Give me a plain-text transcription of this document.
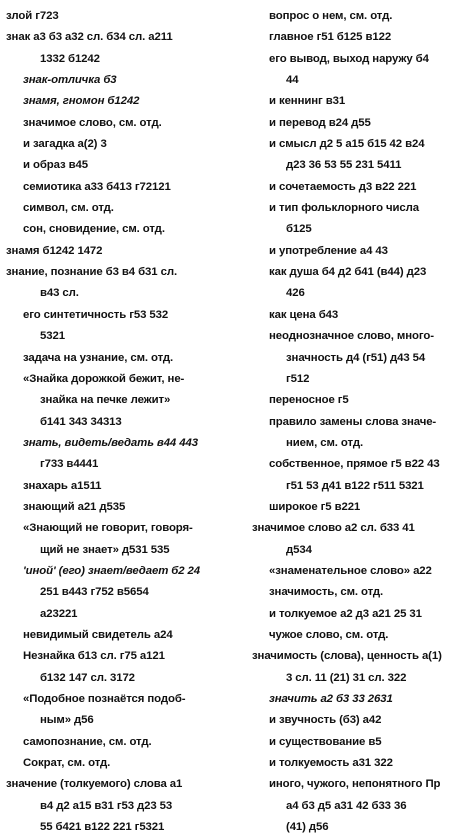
злой г723
знак а3 б3 а32 сл. б34 сл. а211
1332 б1242
знак-отличка б3
знамя, гномон б1242
значимое слово, см. отд.
и загадка а(2) 3
и образ в45
семиотика а33 б413 г72121
символ, см. отд.
сон, сновидение, см. отд.
знамя б1242 1472
знание, познание б3 в4 б31 сл.
в43 сл.
его синтетичность г53 532
5321
задача на узнание, см. отд.
«Знайка дорожкой бежит, не-
знайка на печке лежит»
б141 343 34313
знать, видеть/ведать в44 443
г733 в4441
знахарь а1511
знающий а21 д535
«Знающий не говорит, говоря-
щий не знает» д531 535
'иной' (его) знает/ведает б2 24
251 в443 г752 в5654
а23221
невидимый свидетель а24
Незнайка б13 сл. г75 а121
б132 147 сл. 3172
«Подобное познаётся подоб-
ным» д56
самопознание, см. отд.
Сократ, см. отд.
значение (толкуемого) слова а1
в4 д2 а15 в31 г53 д23 53
55 б421 в122 221 г5321
вопрос о нем, см. отд.
главное г51 б125 в122
его вывод, выход наружу б4
44
и кеннинг в31
и перевод в24 д55
и смысл д2 5 а15 б15 42 в24
д23 36 53 55 231 5411
и сочетаемость д3 в22 221
и тип фольклорного числа
б125
и употребление а4 43
как душа б4 д2 б41 (в44) д23
426
как цена б43
неоднозначное слово, много-
значность д4 (г51) д43 54
г512
переносное г5
правило замены слова значе-
нием, см. отд.
собственное, прямое г5 в22 43
г51 53 д41 в122 г511 5321
широкое г5 в221
значимое слово а2 сл. б33 41
д534
«знаменательное слово» а22
значимость, см. отд.
и толкуемое а2 д3 а21 25 31
чужое слово, см. отд.
значимость (слова), ценность а(1)
3 сл. 11 (21) 31 сл. 322
значить а2 б3 33 2631
и звучность (б3) а42
и существование в5
и толкуемость а31 322
иного, чужого, непонятного Пр
а4 б3 д5 а31 42 б33 36
(41) д56
